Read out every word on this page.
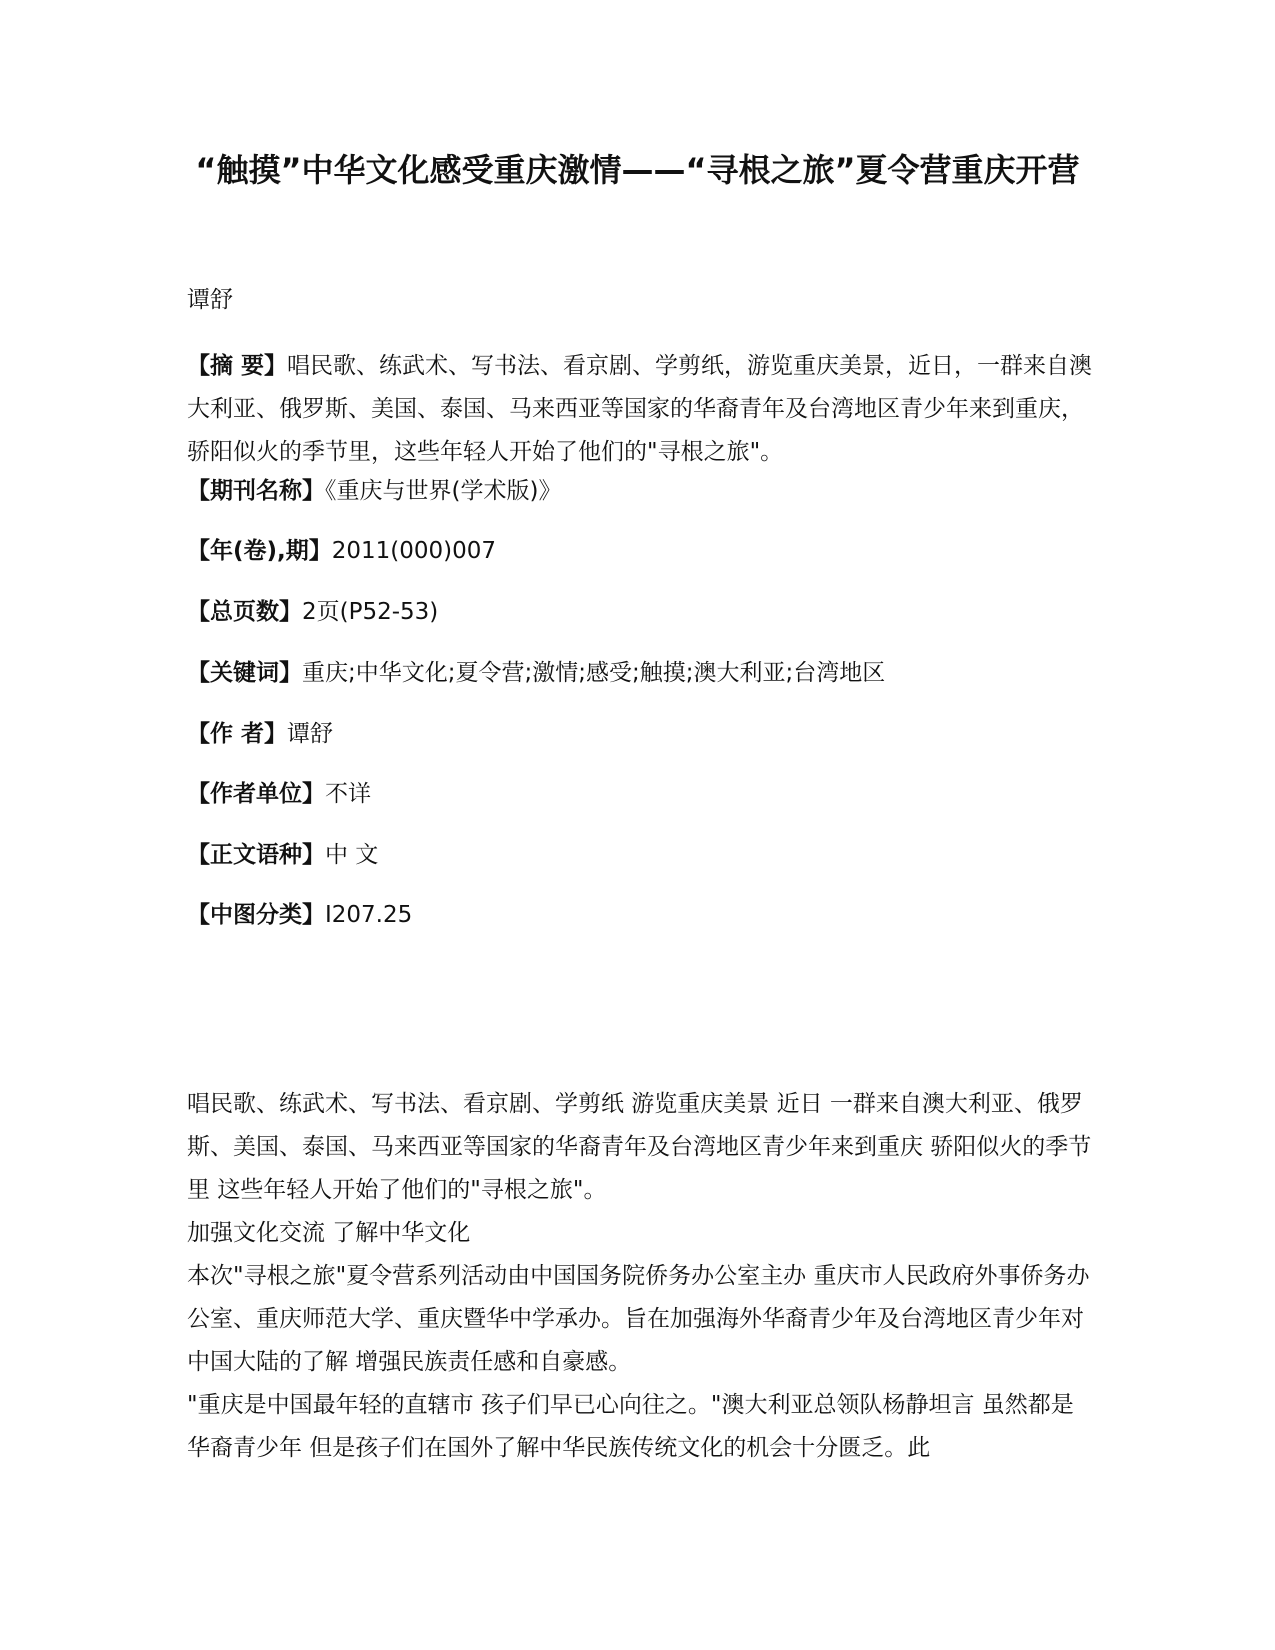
“触摸”中华文化感受重庆激情——“寻根之旅”夏令营重庆开营

谭舒

【摘 要】唱民歌、练武术、写书法、看京剧、学剪纸，游览重庆美景，近日，一群来自澳大利亚、俄罗斯、美国、泰国、马来西亚等国家的华裔青年及台湾地区青少年来到重庆，骄阳似火的季节里，这些年轻人开始了他们的"寻根之旅"。

【期刊名称】《重庆与世界(学术版)》

【年(卷),期】2011(000)007

【总页数】2页(P52-53)

【关键词】重庆;中华文化;夏令营;激情;感受;触摸;澳大利亚;台湾地区

【作 者】谭舒

【作者单位】不详

【正文语种】中 文

【中图分类】I207.25

唱民歌、练武术、写书法、看京剧、学剪纸 游览重庆美景 近日 一群来自澳大利亚、俄罗斯、美国、泰国、马来西亚等国家的华裔青年及台湾地区青少年来到重庆 骄阳似火的季节里 这些年轻人开始了他们的"寻根之旅"。

加强文化交流 了解中华文化

本次"寻根之旅"夏令营系列活动由中国国务院侨务办公室主办 重庆市人民政府外事侨务办公室、重庆师范大学、重庆暨华中学承办。旨在加强海外华裔青少年及台湾地区青少年对中国大陆的了解 增强民族责任感和自豪感。

"重庆是中国最年轻的直辖市 孩子们早已心向往之。"澳大利亚总领队杨静坦言 虽然都是华裔青少年 但是孩子们在国外了解中华民族传统文化的机会十分匮乏。此
